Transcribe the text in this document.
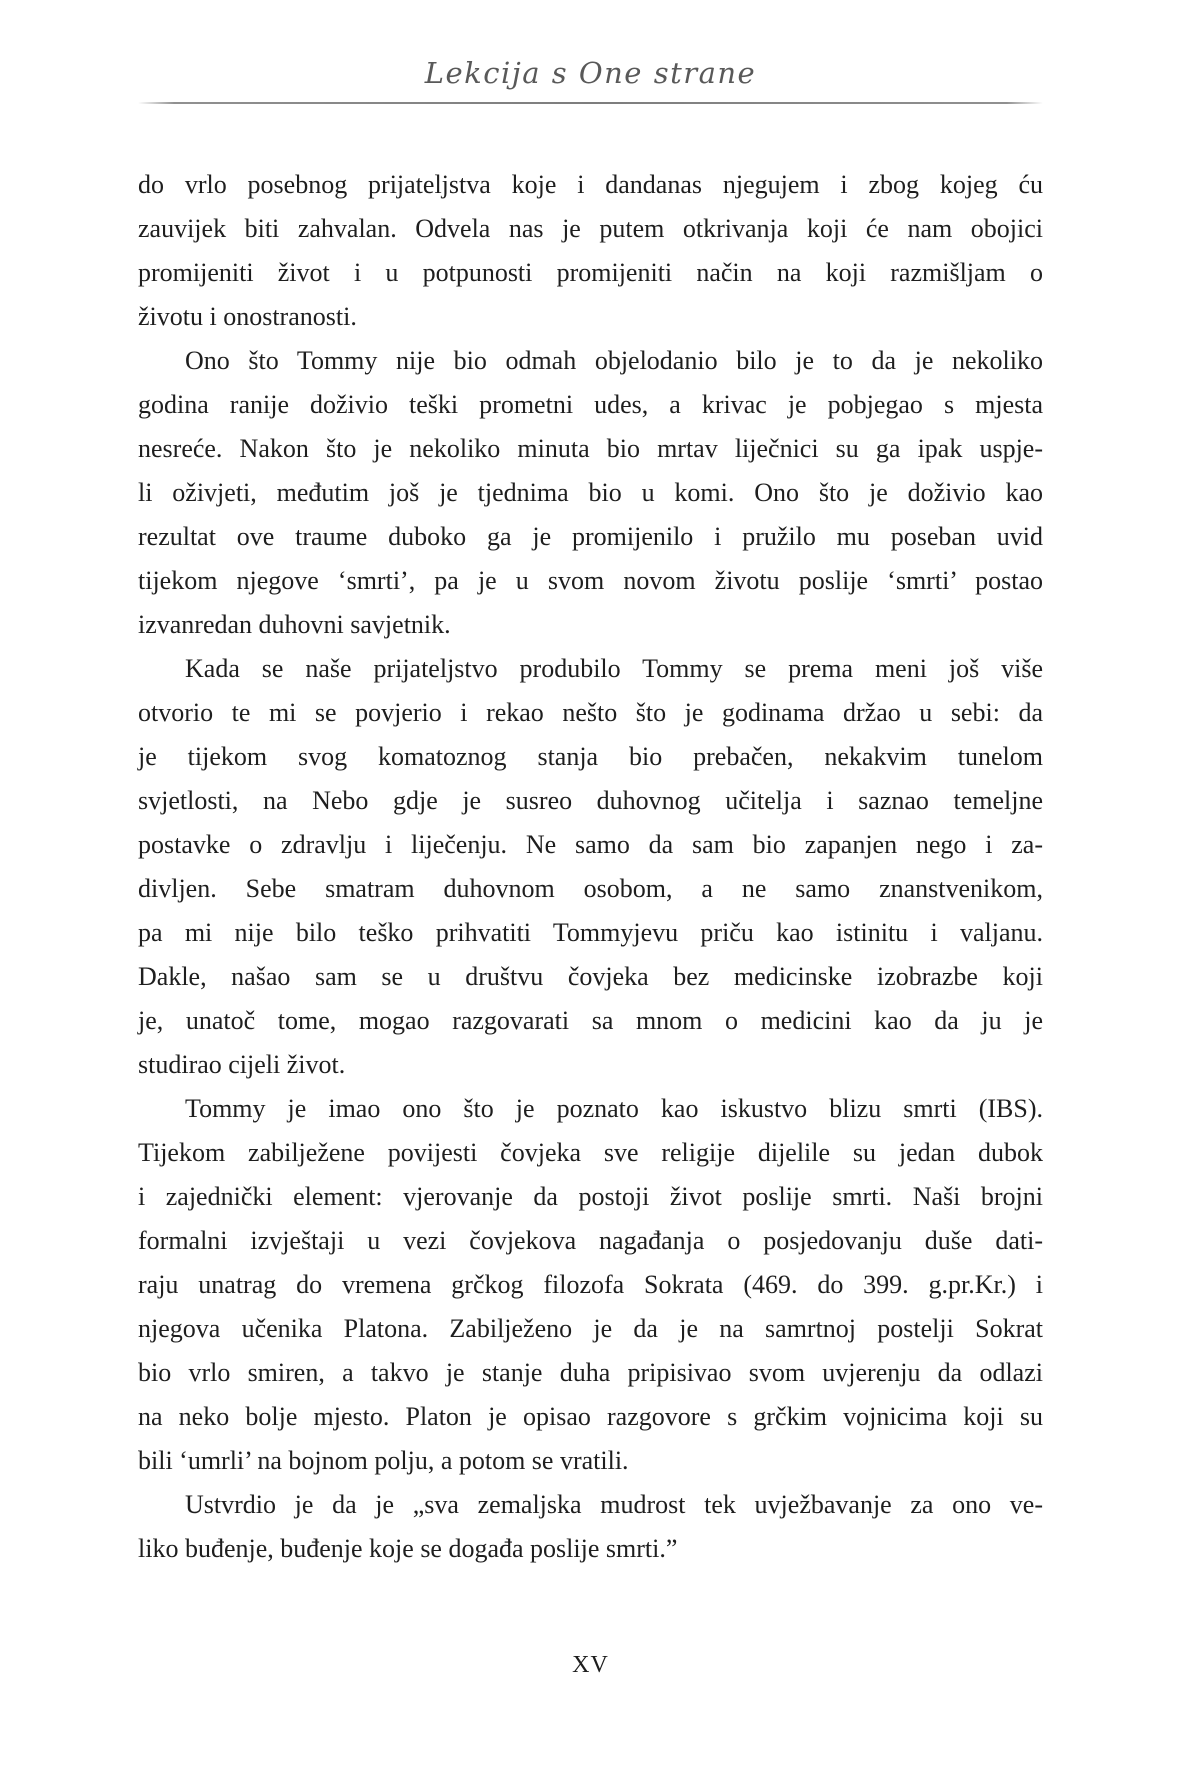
Lekcija s One strane
do vrlo posebnog prijateljstva koje i dandanas njegujem i zbog kojeg ću
zauvijek biti zahvalan. Odvela nas je putem otkrivanja koji će nam obojici
promijeniti život i u potpunosti promijeniti način na koji razmišljam o
životu i onostranosti.
Ono što Tommy nije bio odmah objelodanio bilo je to da je nekoliko
godina ranije doživio teški prometni udes, a krivac je pobjegao s mjesta
nesreće. Nakon što je nekoliko minuta bio mrtav liječnici su ga ipak uspje-
li oživjeti, međutim još je tjednima bio u komi. Ono što je doživio kao
rezultat ove traume duboko ga je promijenilo i pružilo mu poseban uvid
tijekom njegove ‘smrti’, pa je u svom novom životu poslije ‘smrti’ postao
izvanredan duhovni savjetnik.
Kada se naše prijateljstvo produbilo Tommy se prema meni još više
otvorio te mi se povjerio i rekao nešto što je godinama držao u sebi: da
je tijekom svog komatoznog stanja bio prebačen, nekakvim tunelom
svjetlosti, na Nebo gdje je susreo duhovnog učitelja i saznao temeljne
postavke o zdravlju i liječenju. Ne samo da sam bio zapanjen nego i za-
divljen. Sebe smatram duhovnom osobom, a ne samo znanstvenikom,
pa mi nije bilo teško prihvatiti Tommyjevu priču kao istinitu i valjanu.
Dakle, našao sam se u društvu čovjeka bez medicinske izobrazbe koji
je, unatoč tome, mogao razgovarati sa mnom o medicini kao da ju je
studirao cijeli život.
Tommy je imao ono što je poznato kao iskustvo blizu smrti (IBS).
Tijekom zabilježene povijesti čovjeka sve religije dijelile su jedan dubok
i zajednički element: vjerovanje da postoji život poslije smrti. Naši brojni
formalni izvještaji u vezi čovjekova nagađanja o posjedovanju duše dati-
raju unatrag do vremena grčkog filozofa Sokrata (469. do 399. g.pr.Kr.) i
njegova učenika Platona. Zabilježeno je da je na samrtnoj postelji Sokrat
bio vrlo smiren, a takvo je stanje duha pripisivao svom uvjerenju da odlazi
na neko bolje mjesto. Platon je opisao razgovore s grčkim vojnicima koji su
bili ‘umrli’ na bojnom polju, a potom se vratili.
Ustvrdio je da je „sva zemaljska mudrost tek uvježbavanje za ono ve-
liko buđenje, buđenje koje se događa poslije smrti.”
XV
